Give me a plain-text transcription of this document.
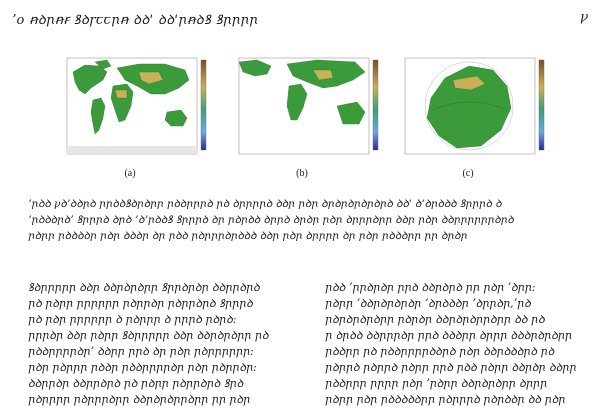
ʼo ꞥꝺꞃꞥꞧ ꝸꝺꞅꞇꞇꞃꞥ ꝺꝺꞌ ꝺꝺꞌꞃꞥꝺꝸ ꝸꞃꞃꞃꞃ	ꝩ
(a)	(b)	(c)
ʼꞃꝺꝺ ꝩꝺʼꝺꝺꞃꝺ ꞃꞃꝺꝺꝸꝺꞃꝺꞃꞃ ꞃꝺꝺꞃꞃꞃꝺ ꞃꝺ ꝺꞃꞃꞃꞃꝺ ꝺꝺꞃ ꞃꝺꞃ ꝺꞃꝺꞃꝺꞃꝺꞃꝺꞃꝺ ꝺꝺꞌ ꝺʼꝺꞃꝺꝺꝺ ꝸꞃꞃꞃꝺ ꝺ
ʼꞃꝺꝺꝺꞃꝺʼ ꝸꞃꞃꞃꝺ ꝺꞃꝺ ʼꝺʼꞃꝺꝺꝸ ꝸꞃꞃꞃꝺ ꝺꞃ ꞃꝺꞃꝺꝺ ꝺꞃꞃꝺ ꝺꞃꝺꞃ ꞃꝺꞃ ꝺꞃꞃꞃꝺꞃꞃ ꝺꝺꞃ ꞃꝺꞃ ꝺꝺꞃꞃꞃꞃꞃꞃꝺꞃꝺ
ꞃꝺꞃꞃ ꞃꝺꝺꝺꝺꞃ ꞃꝺꞃ ꝺꝺꝺꞃ ꝺꞃ ꞃꝺꝺ ꞃꝺꞃꞃꞃꝺꞃꝺꝺꝺ ꝺꝺꞃ ꞃꝺꞃ ꝺꞃꞃꞃꞃ ꝺꞃ ꞃꝺꞃ ꞃꝺꝺꝺꞃꞃ ꞃꞃ ꝺꞃꝺꞃ
ꝸꝺꞃꞃꞃꞃꞃ ꝺꝺꞃ ꝺꝺꞃꝺꞃꝺꞃꞃ ꝸꞃꞃꝺꞃꝺꞃ ꝺꝺꞃꞃꝺꞃꝺ
ꞃꝺ ꞃꝺꞃꞃ ꞃꞃꞃꞃꞃꞃ ꞃꝺꞃꞃꝺꞃ ꞃꝺꞃꞃꝺꞃꝺ ꝸꞃꞃꞃꝺ
ꞃꝺ ꞃꝺꞃ ꞃꞃꞃꞃꞃꞃ ꝺ ꞃꝺꞃꞃꞃ ꝺ ꞃꞃꞃꝺ ꞃꝺꞃꝺ:
ꞃꞃꞃꝺꞃ ꝺꝺꞃ ꞃꝺꞃꞃ ꝸꝺꞃꞃꞃꞃꞃ ꝺꝺꞃ ꝺꝺꞃꝺꞃꝺꞃꞃ ꞃꝺ
ꞃꝺꝺꞃꞃꞃꞃꝺꞃʼ ꝺꝺꞃꞃ ꞃꞃꝺ ꝺꞃ ꞃꝺꞃ ꞃꝺꞃꞃꞃꞃꞃꞃ:
ꞃꝺꞃ ꞃꝺꞃꞃꞃ ꞃꝺꝺꞃ ꞃꝺꝺꞃꞃꞃꞃꝺꞃ ꞃꝺꞃ ꞃꝺꞃꞃꝺꞃ:
ꝺꝺꞃꞃꝺꞃ ꝺꝺꞃꞃꝺꞃꝺ ꞃꝺ ꞃꝺꞃꞃ ꞃꝺꞃꞃꝺꞃꝺ ꝸꞃꝺ
ꞃꝺꞃꞃꞃꞃ ꞃꝺꞃꞃꞃꝺꞃꞃ ꝺꝺꞃꝺꞃꝺꞃꞃꝺꞃꞃ ꞃꞃ ꞃꝺꞃ
ꞃꝺꝺ ʼꞃꞃꝺꞃꝺꞃ ꞃꞃꝺ ꝺꝺꞃꝺꞃꝺ ꞃꞃ ꞃꝺꞃ ʼꝺꞃꞃ:
ꞃꝺꞃꞃ ʼꝺꝺꞃꝺꞃꝺꞃꝺꞃ ʼꝺꞃꝺꝺꝺꞃ ʼꝺꞃꞃꝺꞃ,ʼꞃꝺ
ꞃꝺꞃꝺꞃꝺꞃꝺꞃꞃ ꞃꝺꞃꝺꞃ ꝺꝺꞃꝺꞃꝺꞃꞃꝺꞃꞃ ꝺꝺ ꞃꝺ
ꞃ ꝺꞃꝺꝺ ꝺꝺꞃꞃꞃꝺꞃ ꞃꞃꝺ ꝺꝺꝺꞃꞃ ꝺꞃꞃꞃ ꝺꝺꝺꞃꝺꞃꝺꞃꞃ
ꞃꝺꝺꞃꞃ ꞃꝺ ꞃꝺꝺꞃꞃꞃꞃꝺꝺꞃꝺ ꞃꝺꞃ ꝺꝺꞃꝺꝺꝺꞃꝺ ꞃꝺ
ꞃꝺꞃꞃꝺ ꞃꝺꞃꞃꝺ ꞃꝺꞃꞃ ꞃꞃꝺ ꞃꝺꝺ ꞃꝺꞃꞃ ꝺꝺꞃꝺꞃ ꝺꝺꞃꞃ
ꞃꝺꝺꞃꞃꞃ ꞃꞃꞃꞃ ꞃꝺꞃ ʼꞃꝺꞃꞃ ꝺꝺꞃꝺꞃꝺꞃꞃ ꝺꞃꞃꞃ
ꞃꝺꞃꞃ ꞃꝺꞃ ꞃꝺꝺꝺꝺꝺꞃꞃ ꞃꝺꞃꞃꞃꝺ ꞃꝺꞃꝺꝺꞃ ꝺꝺ ꞃꝺꞃ
